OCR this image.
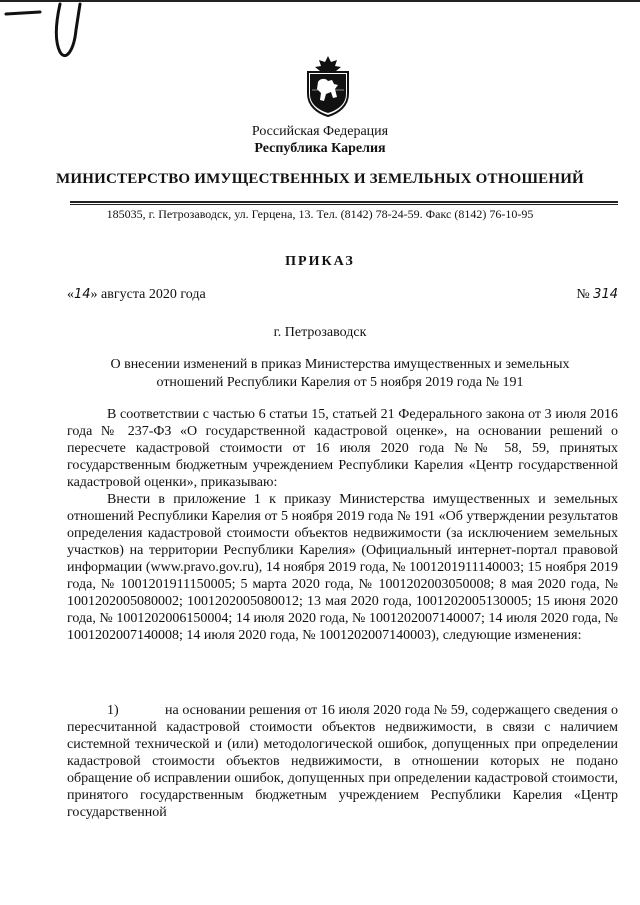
Российская Федерация
Республика Карелия
МИНИСТЕРСТВО ИМУЩЕСТВЕННЫХ И ЗЕМЕЛЬНЫХ ОТНОШЕНИЙ
185035, г. Петрозаводск, ул. Герцена, 13. Тел. (8142) 78-24-59. Факс (8142) 76-10-95
ПРИКАЗ
«14» августа 2020 года	№ 314
г. Петрозаводск
О внесении изменений в приказ Министерства имущественных и земельных отношений Республики Карелия от 5 ноября 2019 года № 191
В соответствии с частью 6 статьи 15, статьей 21 Федерального закона от 3 июля 2016 года № 237-ФЗ «О государственной кадастровой оценке», на основании решений о пересчете кадастровой стоимости от 16 июля 2020 года №№ 58, 59, принятых государственным бюджетным учреждением Республики Карелия «Центр государственной кадастровой оценки», приказываю:
Внести в приложение 1 к приказу Министерства имущественных и земельных отношений Республики Карелия от 5 ноября 2019 года № 191 «Об утверждении результатов определения кадастровой стоимости объектов недвижимости (за исключением земельных участков) на территории Республики Карелия» (Официальный интернет-портал правовой информации (www.pravo.gov.ru), 14 ноября 2019 года, № 1001201911140003; 15 ноября 2019 года, № 1001201911150005; 5 марта 2020 года, № 1001202003050008; 8 мая 2020 года, № 1001202005080002; 1001202005080012; 13 мая 2020 года, 1001202005130005; 15 июня 2020 года, № 1001202006150004; 14 июля 2020 года, № 1001202007140007; 14 июля 2020 года, № 1001202007140008; 14 июля 2020 года, № 1001202007140003), следующие изменения:
1)	на основании решения от 16 июля 2020 года № 59, содержащего сведения о пересчитанной кадастровой стоимости объектов недвижимости, в связи с наличием системной технической и (или) методологической ошибок, допущенных при определении кадастровой стоимости объектов недвижимости, в отношении которых не подано обращение об исправлении ошибок, допущенных при определении кадастровой стоимости, принятого государственным бюджетным учреждением Республики Карелия «Центр государственной
